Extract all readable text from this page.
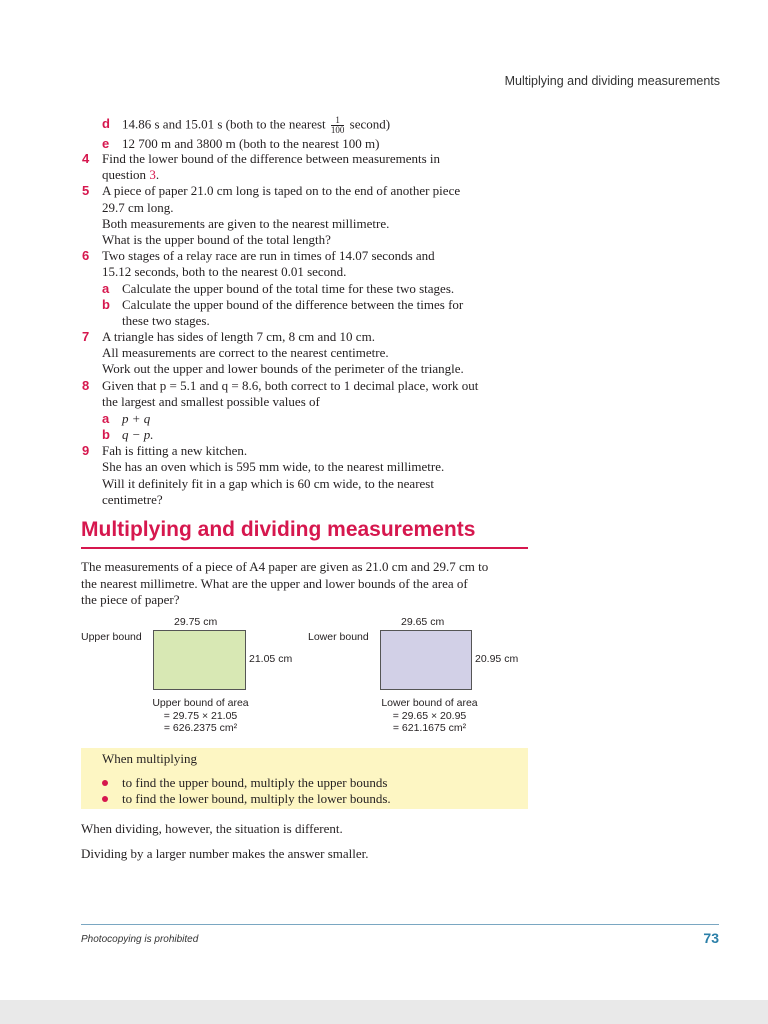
Multiplying and dividing measurements
d 14.86 s and 15.01 s (both to the nearest $\frac{1}{100}$ second)
e 12 700 m and 3800 m (both to the nearest 100 m)
4 Find the lower bound of the difference between measurements in
question 3.
5 A piece of paper 21.0 cm long is taped on to the end of another piece
29.7 cm long.
Both measurements are given to the nearest millimetre.
What is the upper bound of the total length?
6 Two stages of a relay race are run in times of 14.07 seconds and
15.12 seconds, both to the nearest 0.01 second.
a Calculate the upper bound of the total time for these two stages.
b Calculate the upper bound of the difference between the times for
these two stages.
7 A triangle has sides of length 7 cm, 8 cm and 10 cm.
All measurements are correct to the nearest centimetre.
Work out the upper and lower bounds of the perimeter of the triangle.
8 Given that p = 5.1 and q = 8.6, both correct to 1 decimal place, work out
the largest and smallest possible values of
a p + q
b q − p.
9 Fah is fitting a new kitchen.
She has an oven which is 595 mm wide, to the nearest millimetre.
Will it definitely fit in a gap which is 60 cm wide, to the nearest
centimetre?
Multiplying and dividing measurements
The measurements of a piece of A4 paper are given as 21.0 cm and 29.7 cm to
the nearest millimetre. What are the upper and lower bounds of the area of
the piece of paper?
29.75 cm
Upper bound
21.05 cm
Upper bound of area
= 29.75 × 21.05
= 626.2375 cm²
29.65 cm
Lower bound
20.95 cm
Lower bound of area
= 29.65 × 20.95
= 621.1675 cm²
When multiplying
to find the upper bound, multiply the upper bounds
to find the lower bound, multiply the lower bounds.
When dividing, however, the situation is different.
Dividing by a larger number makes the answer smaller.
Photocopying is prohibited	73
